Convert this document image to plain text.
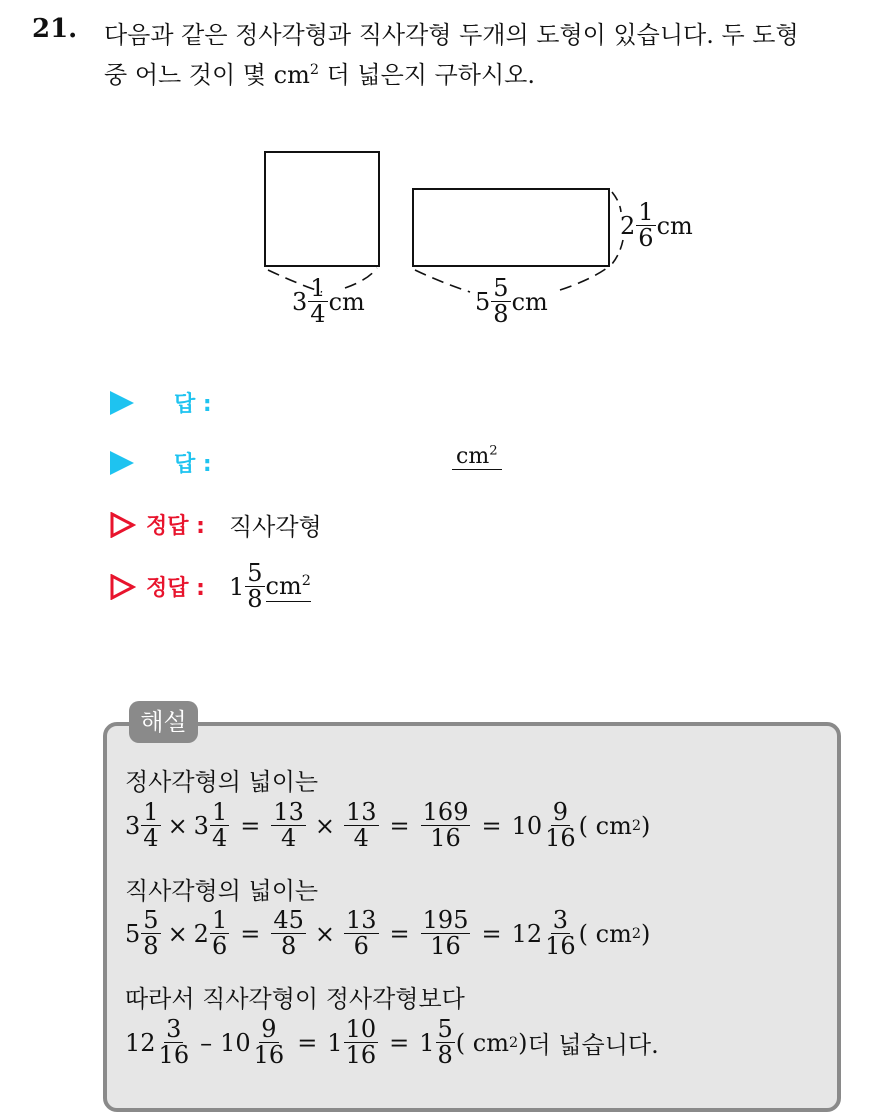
21. 다음과 같은 정사각형과 직사각형 두개의 도형이 있습니다. 두 도형
중 어느 것이 몇 $cm^2$ 더 넓은지 구하시오.
$3 \frac{1}{4}$ cm	$5 \frac{5}{8}$ cm
$2 \frac{1}{6}$ cm
답 :
답 :	$cm^2$
정답 : 직사각형
정답 : $1 \frac{5}{8} cm^2$
해설
정사각형의 넓이는
$3 \frac{1}{4} \times 3 \frac{1}{4} = \frac{13}{4} \times \frac{13}{4} = \frac{169}{16} = 10 \frac{9}{16}$ ( cm 2 )
직사각형의 넓이는
$5 \frac{5}{8} \times 2 \frac{1}{6} = \frac{45}{8} \times \frac{13}{6} = \frac{195}{16} = 12 \frac{3}{16}$ ( cm 2 )
따라서 직사각형이 정사각형보다
$12 \frac{3}{16} - 10 \frac{9}{16} = 1 \frac{10}{16} = 1 \frac{5}{8}$ ( cm 2 ) 더 넓습니다.
